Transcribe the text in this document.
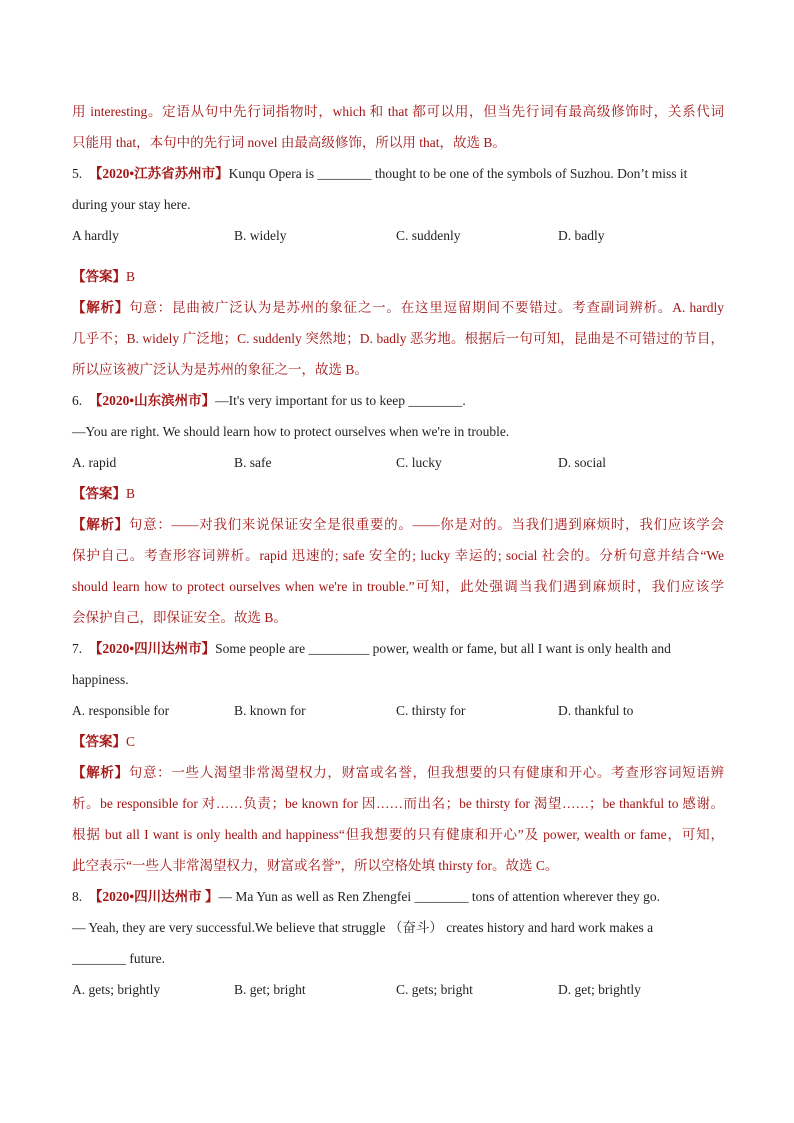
用 interesting。定语从句中先行词指物时，which 和 that 都可以用，但当先行词有最高级修饰时，关系代词
只能用 that，本句中的先行词 novel 由最高级修饰，所以用 that，故选 B。
5. 【2020•江苏省苏州市】Kunqu Opera is ________ thought to be one of the symbols of Suzhou. Don’t miss it
during your stay here.
A hardly	B. widely	C. suddenly	D. badly
【答案】B
【解析】句意：昆曲被广泛认为是苏州的象征之一。在这里逗留期间不要错过。考查副词辨析。A. hardly
几乎不；B. widely 广泛地；C. suddenly 突然地；D. badly 恶劣地。根据后一句可知，昆曲是不可错过的节目，
所以应该被广泛认为是苏州的象征之一，故选 B。
6. 【2020•山东滨州市】—It's very important for us to keep ________.
—You are right. We should learn how to protect ourselves when we're in trouble.
A. rapid	B. safe	C. lucky	D. social
【答案】B
【解析】句意：——对我们来说保证安全是很重要的。——你是对的。当我们遇到麻烦时，我们应该学会
保护自己。考查形容词辨析。rapid 迅速的; safe 安全的; lucky 幸运的; social 社会的。分析句意并结合“We
should learn how to protect ourselves when we're in trouble.”可知，此处强调当我们遇到麻烦时，我们应该学
会保护自己，即保证安全。故选 B。
7. 【2020•四川达州市】Some people are _________ power, wealth or fame, but all I want is only health and
happiness.
A. responsible for	B. known for	C. thirsty for	D. thankful to
【答案】C
【解析】句意：一些人渴望非常渴望权力，财富或名誉，但我想要的只有健康和开心。考查形容词短语辨
析。be responsible for 对……负责；be known for 因……而出名；be thirsty for 渴望……；be thankful to 感谢。
根据 but all I want is only health and happiness“但我想要的只有健康和开心”及 power, wealth or fame，可知，
此空表示“一些人非常渴望权力，财富或名誉”，所以空格处填 thirsty for。故选 C。
8. 【2020•四川达州市 】— Ma Yun as well as Ren Zhengfei ________ tons of attention wherever they go.
— Yeah, they are very successful.We believe that struggle （奋斗） creates history and hard work makes a
________ future.
A. gets; brightly	B. get; bright	C. gets; bright	D. get; brightly
